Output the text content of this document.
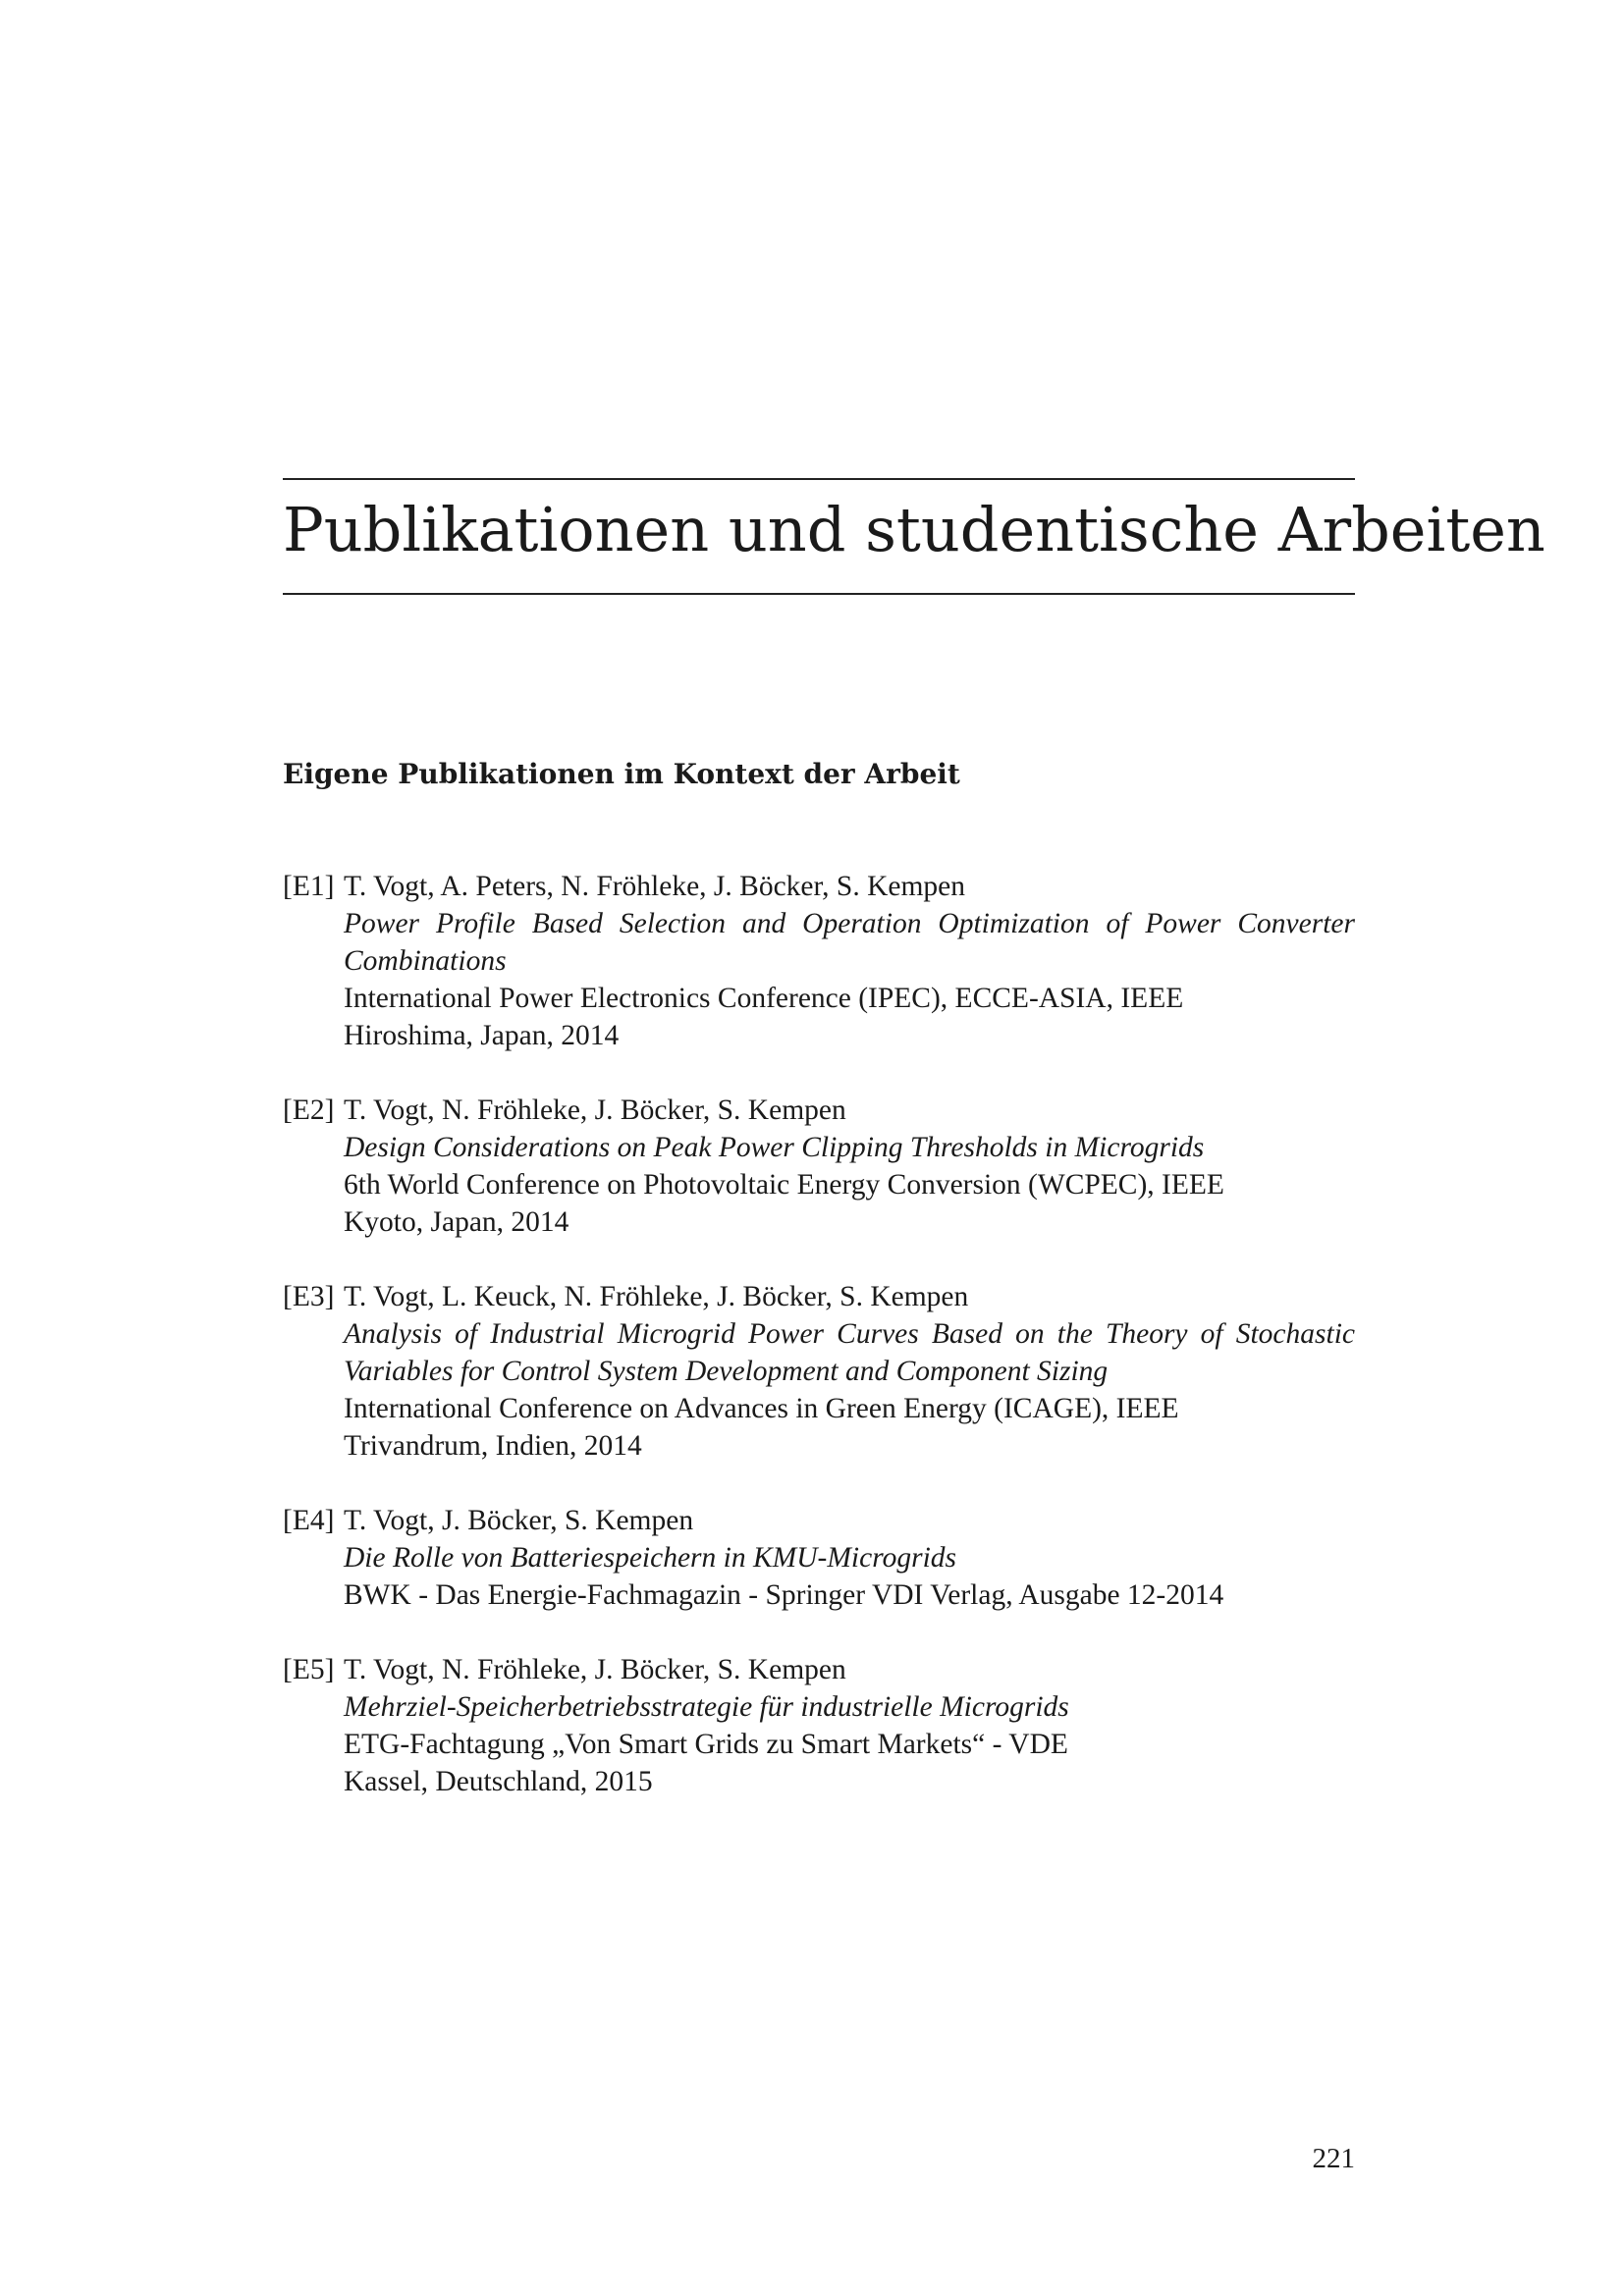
Publikationen und studentische Arbeiten
Eigene Publikationen im Kontext der Arbeit
[E1] T. Vogt, A. Peters, N. Fröhleke, J. Böcker, S. Kempen
Power Profile Based Selection and Operation Optimization of Power Converter Combinations
International Power Electronics Conference (IPEC), ECCE-ASIA, IEEE
Hiroshima, Japan, 2014
[E2] T. Vogt, N. Fröhleke, J. Böcker, S. Kempen
Design Considerations on Peak Power Clipping Thresholds in Microgrids
6th World Conference on Photovoltaic Energy Conversion (WCPEC), IEEE
Kyoto, Japan, 2014
[E3] T. Vogt, L. Keuck, N. Fröhleke, J. Böcker, S. Kempen
Analysis of Industrial Microgrid Power Curves Based on the Theory of Stochastic Variables for Control System Development and Component Sizing
International Conference on Advances in Green Energy (ICAGE), IEEE
Trivandrum, Indien, 2014
[E4] T. Vogt, J. Böcker, S. Kempen
Die Rolle von Batteriespeichern in KMU-Microgrids
BWK - Das Energie-Fachmagazin - Springer VDI Verlag, Ausgabe 12-2014
[E5] T. Vogt, N. Fröhleke, J. Böcker, S. Kempen
Mehrziel-Speicherbetriebsstrategie für industrielle Microgrids
ETG-Fachtagung „Von Smart Grids zu Smart Markets“ - VDE
Kassel, Deutschland, 2015
221
